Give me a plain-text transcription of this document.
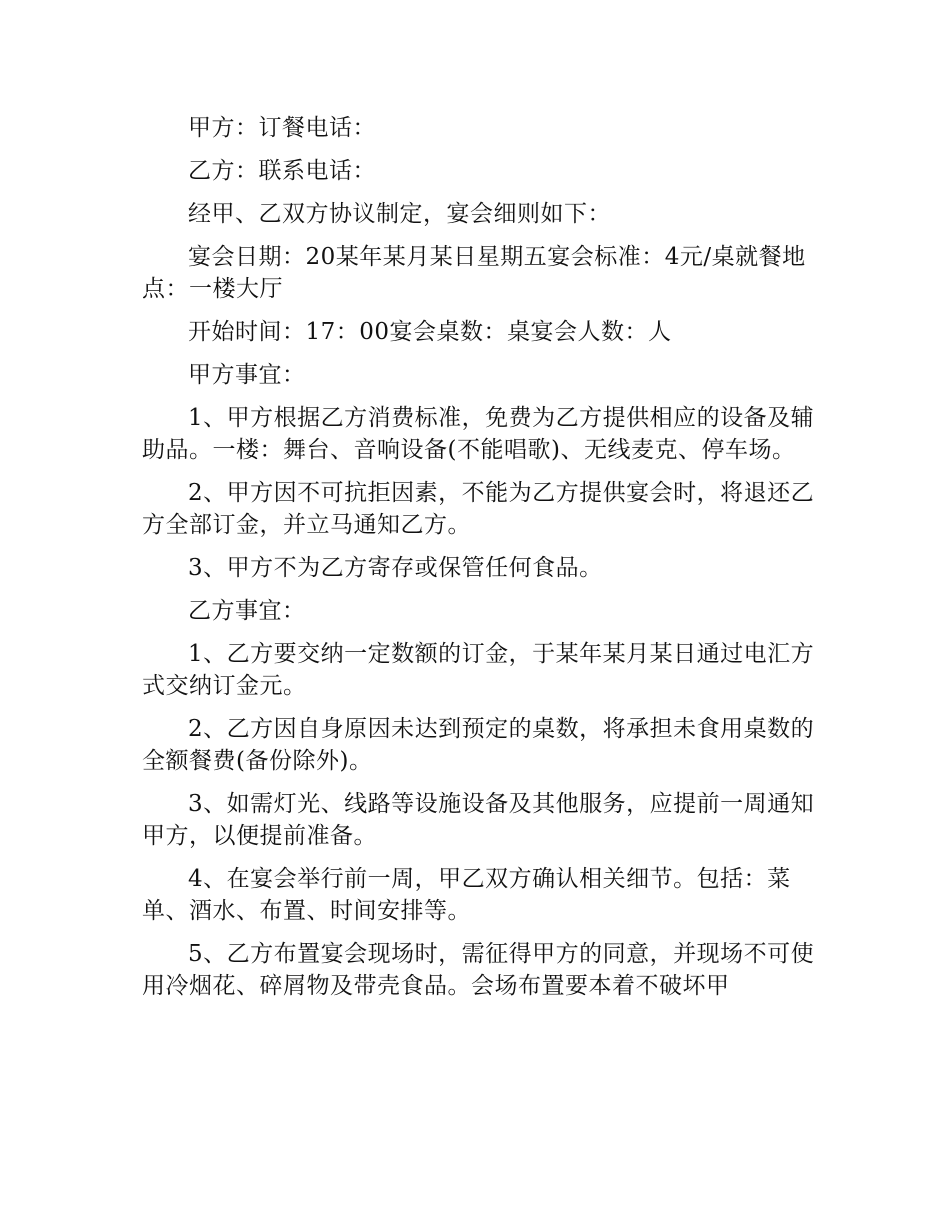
甲方：订餐电话：

乙方：联系电话：

经甲、乙双方协议制定，宴会细则如下：

宴会日期：20某年某月某日星期五宴会标准：4元/桌就餐地点：一楼大厅

开始时间：17：00宴会桌数：桌宴会人数：人

甲方事宜：

1、甲方根据乙方消费标准，免费为乙方提供相应的设备及辅助品。一楼：舞台、音响设备(不能唱歌)、无线麦克、停车场。

2、甲方因不可抗拒因素，不能为乙方提供宴会时，将退还乙方全部订金，并立马通知乙方。

3、甲方不为乙方寄存或保管任何食品。

乙方事宜：

1、乙方要交纳一定数额的订金，于某年某月某日通过电汇方式交纳订金元。

2、乙方因自身原因未达到预定的桌数，将承担未食用桌数的全额餐费(备份除外)。

3、如需灯光、线路等设施设备及其他服务，应提前一周通知甲方，以便提前准备。

4、在宴会举行前一周，甲乙双方确认相关细节。包括：菜单、酒水、布置、时间安排等。

5、乙方布置宴会现场时，需征得甲方的同意，并现场不可使用冷烟花、碎屑物及带壳食品。会场布置要本着不破坏甲
